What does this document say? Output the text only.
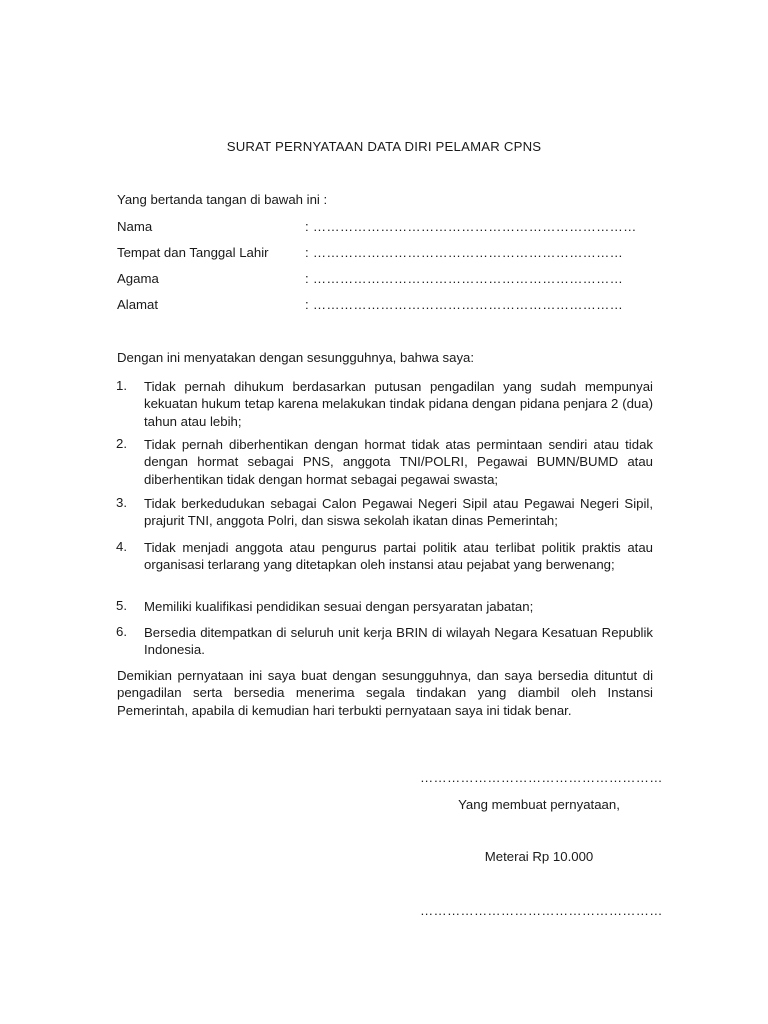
SURAT PERNYATAAN DATA DIRI PELAMAR CPNS
Yang bertanda tangan di bawah ini :
Nama	: ………………………………………………………………
Tempat dan Tanggal Lahir	: ……………………………………………………………
Agama	: ……………………………………………………………
Alamat	: ……………………………………………………………
Dengan ini menyatakan dengan sesungguhnya, bahwa saya:
1. Tidak pernah dihukum berdasarkan putusan pengadilan yang sudah mempunyai kekuatan hukum tetap karena melakukan tindak pidana dengan pidana penjara 2 (dua) tahun atau lebih;
2. Tidak pernah diberhentikan dengan hormat tidak atas permintaan sendiri atau tidak dengan hormat sebagai PNS, anggota TNI/POLRI, Pegawai BUMN/BUMD atau diberhentikan tidak dengan hormat sebagai pegawai swasta;
3. Tidak berkedudukan sebagai Calon Pegawai Negeri Sipil atau Pegawai Negeri Sipil, prajurit TNI, anggota Polri, dan siswa sekolah ikatan dinas Pemerintah;
4. Tidak menjadi anggota atau pengurus partai politik atau terlibat politik praktis atau organisasi terlarang yang ditetapkan oleh instansi atau pejabat yang berwenang;
5. Memiliki kualifikasi pendidikan sesuai dengan persyaratan jabatan;
6. Bersedia ditempatkan di seluruh unit kerja BRIN di wilayah Negara Kesatuan Republik Indonesia.
Demikian pernyataan ini saya buat dengan sesungguhnya, dan saya bersedia dituntut di pengadilan serta bersedia menerima segala tindakan yang diambil oleh Instansi Pemerintah, apabila di kemudian hari terbukti pernyataan saya ini tidak benar.
………………………………………………
Yang membuat pernyataan,
Meterai Rp 10.000
………………………………………………
